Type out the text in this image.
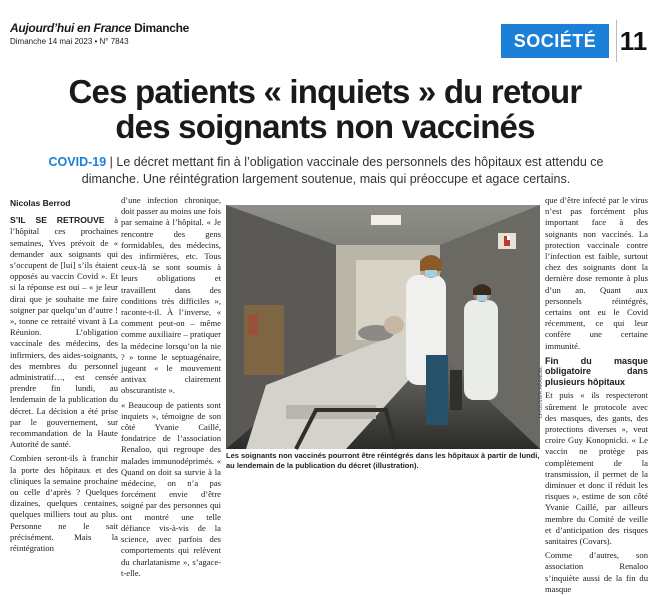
Aujourd’hui en France Dimanche
Dimanche 14 mai 2023 • N° 7843	SOCIÉTÉ 11
Ces patients « inquiets » du retour
des soignants non vaccinés
COVID-19 | Le décret mettant fin à l’obligation vaccinale des personnels des hôpitaux est attendu ce dimanche. Une réintégration largement soutenue, mais qui préoccupe et agace certains.
Nicolas Berrod

S’IL SE RETROUVE à l’hôpital ces prochaines semaines, Yves prévoit de « demander aux soignants qui s’occupent de [lui] s’ils étaient opposés au vaccin Covid ». Et si la réponse est oui – « je leur dirai que je souhaite me faire soigner par quelqu’un d’autre ! », tonne ce retraité vivant à La Réunion. L’obligation vaccinale des médecins, des infirmiers, des aides-soignants, des membres du personnel administratif…, est censée prendre fin lundi, au lendemain de la publication du décret. La décision a été prise par le gouvernement, sur recommandation de la Haute Autorité de santé.

Combien seront-ils à franchir la porte des hôpitaux et des cliniques la semaine prochaine ou celle d’après ? Quelques dizaines, quelques centaines, quelques milliers tout au plus. Personne ne le sait précisément. Mais la réintégration

d’une infection chronique, doit passer au moins une fois par semaine à l’hôpital. « Je rencontre des gens formidables, des médecins, des infirmières, etc. Tous ceux-là se sont soumis à leurs obligations et travaillent dans des conditions très difficiles », raconte-t-il. À l’inverse, « comment peut-on – même comme auxiliaire – pratiquer la médecine lorsqu’on la nie ? » tonne le septuagénaire, jugeant « le mouvement antivax clairement obscurantiste ».

« Beaucoup de patients sont inquiets », témoigne de son côté Yvanie Caillé, fondatrice de l’association Renaloo, qui regroupe des malades immunodéprimés. « Quand on doit sa survie à la médecine, on n’a pas forcément envie d’être soigné par des personnes qui ont montré une telle défiance vis-à-vis de la science, avec parfois des comportements qui relèvent du charlatanisme », s’agace-t-elle.

LP/OLIVIER ARANDEL
Les soignants non vaccinés pourront être réintégrés dans les hôpitaux à partir de lundi, au lendemain de la publication du décret (illustration).

que d’être infecté par le virus n’est pas forcément plus important face à des soignants non vaccinés. La protection vaccinale contre l’infection est faible, surtout chez des soignants dont la dernière dose remonte à plus d’un an. Quant aux personnels réintégrés, certains ont eu le Covid récemment, ce qui leur confère une certaine immunité.

Fin du masque obligatoire dans plusieurs hôpitaux

Et puis « ils respecteront sûrement le protocole avec des masques, des gants, des protections diverses », veut croire Guy Konopnicki. « Le vaccin ne protège pas complètement de la transmission, il permet de la diminuer et donc il réduit les risques », estime de son côté Yvanie Caillé, par ailleurs membre du Comité de veille et d’anticipation des risques sanitaires (Covars).

Comme d’autres, son association Renaloo s’inquiète aussi de la fin du masque
